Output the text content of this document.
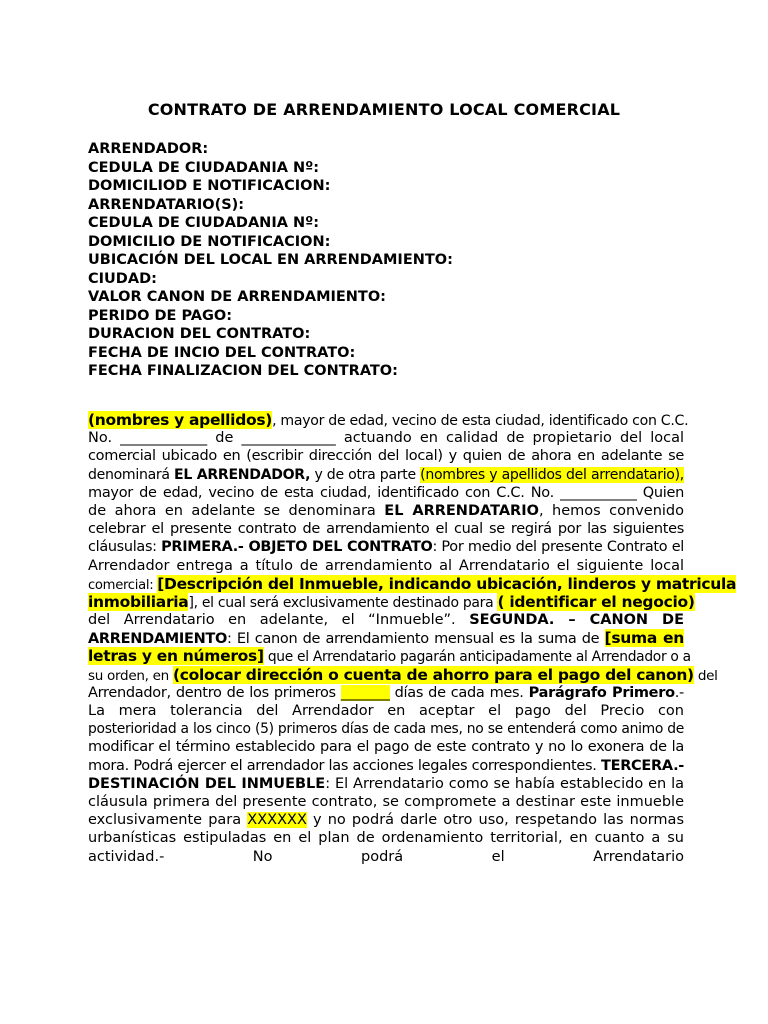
CONTRATO DE ARRENDAMIENTO LOCAL COMERCIAL
ARRENDADOR:
CEDULA DE CIUDADANIA Nº:
DOMICILIOD E NOTIFICACION:
ARRENDATARIO(S):
CEDULA DE CIUDADANIA Nº:
DOMICILIO DE NOTIFICACION:
UBICACIÓN DEL LOCAL EN ARRENDAMIENTO:
CIUDAD:
VALOR CANON DE ARRENDAMIENTO:
PERIDO DE PAGO:
DURACION DEL CONTRATO:
FECHA DE INCIO DEL CONTRATO:
FECHA FINALIZACION DEL CONTRATO:
(nombres y apellidos), mayor de edad, vecino de esta ciudad, identificado con C.C.
No. ____________ de _____________ actuando en calidad de propietario del local
comercial ubicado en (escribir dirección del local) y quien de ahora en adelante se
denominará EL ARRENDADOR, y de otra parte (nombres y apellidos del arrendatario),
mayor de edad, vecino de esta ciudad, identificado con C.C. No. ___________ Quien
de ahora en adelante se denominara EL ARRENDATARIO, hemos convenido
celebrar el presente contrato de arrendamiento el cual se regirá por las siguientes
cláusulas: PRIMERA.- OBJETO DEL CONTRATO: Por medio del presente Contrato el
Arrendador entrega a título de arrendamiento al Arrendatario el siguiente local
comercial: [Descripción del Inmueble, indicando ubicación, linderos y matricula
inmobiliaria], el cual será exclusivamente destinado para ( identificar el negocio)
del Arrendatario en adelante, el “Inmueble”. SEGUNDA. – CANON DE
ARRENDAMIENTO: El canon de arrendamiento mensual es la suma de [suma en
letras y en números] que el Arrendatario pagarán anticipadamente al Arrendador o a
su orden, en (colocar dirección o cuenta de ahorro para el pago del canon) del
Arrendador, dentro de los primeros _______ días de cada mes. Parágrafo Primero.-
La mera tolerancia del Arrendador en aceptar el pago del Precio con
posterioridad a los cinco (5) primeros días de cada mes, no se entenderá como animo de
modificar el término establecido para el pago de este contrato y no lo exonera de la
mora. Podrá ejercer el arrendador las acciones legales correspondientes. TERCERA.-
DESTINACIÓN DEL INMUEBLE: El Arrendatario como se había establecido en la
cláusula primera del presente contrato, se compromete a destinar este inmueble
exclusivamente para XXXXXX y no podrá darle otro uso, respetando las normas
urbanísticas estipuladas en el plan de ordenamiento territorial, en cuanto a su
actividad.- No podrá el Arrendatario
